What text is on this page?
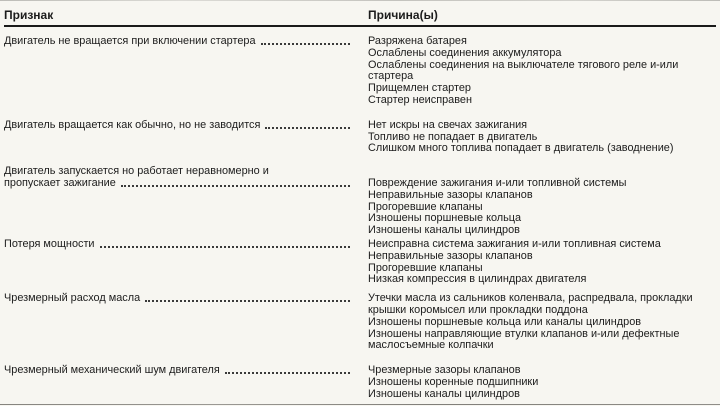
Признак	Причина(ы)
Двигатель не вращается при включении стартера	Разряжена батарея
Ослаблены соединения аккумулятора
Ослаблены соединения на выключателе тягового реле и-или стартера
Прищемлен стартер
Стартер неисправен
Двигатель вращается как обычно, но не заводится	Нет искры на свечах зажигания
Топливо не попадает в двигатель
Слишком много топлива попадает в двигатель (заводнение)
Двигатель запускается но работает неравномерно и
пропускает зажигание	Повреждение зажигания и-или топливной системы
Неправильные зазоры клапанов
Прогоревшие клапаны
Изношены поршневые кольца
Изношены каналы цилиндров
Потеря мощности	Неисправна система зажигания и-или топливная система
Неправильные зазоры клапанов
Прогоревшие клапаны
Низкая компрессия в цилиндрах двигателя
Чрезмерный расход масла	Утечки масла из сальников коленвала, распредвала, прокладки крышки коромысел или прокладки поддона
Изношены поршневые кольца или каналы цилиндров
Изношены направляющие втулки клапанов и-или дефектные маслосъемные колпачки
Чрезмерный механический шум двигателя	Чрезмерные зазоры клапанов
Изношены коренные подшипники
Изношены каналы цилиндров
